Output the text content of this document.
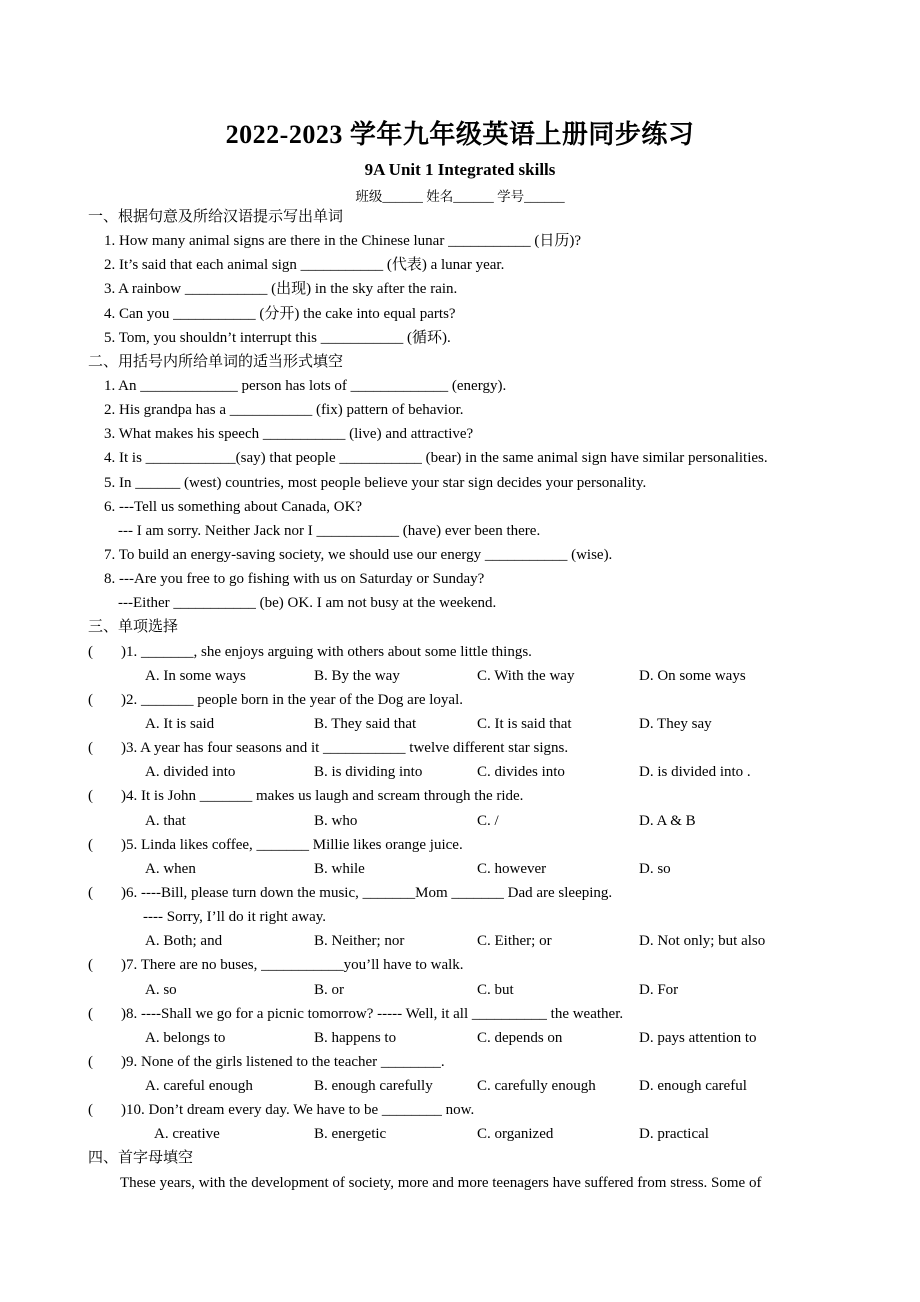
2022-2023 学年九年级英语上册同步练习
9A Unit 1 Integrated skills
班级______ 姓名______ 学号______
一、根据句意及所给汉语提示写出单词
1. How many animal signs are there in the Chinese lunar ___________ (日历)?
2. It’s said that each animal sign ___________ (代表) a lunar year.
3. A rainbow ___________ (出现) in the sky after the rain.
4. Can you ___________ (分开) the cake into equal parts?
5. Tom, you shouldn’t interrupt this ___________ (循环).
二、用括号内所给单词的适当形式填空
1. An _____________ person has lots of _____________ (energy).
2. His grandpa has a ___________ (fix) pattern of behavior.
3. What makes his speech ___________ (live) and attractive?
4. It is ____________(say) that people ___________ (bear) in the same animal sign have similar personalities.
5. In ______ (west) countries, most people believe your star sign decides your personality.
6. ---Tell us something about Canada, OK?
--- I am sorry. Neither Jack nor I ___________ (have) ever been there.
7. To build an energy-saving society, we should use our energy ___________ (wise).
8. ---Are you free to go fishing with us on Saturday or Sunday?
---Either ___________ (be) OK. I am not busy at the weekend.
三、单项选择
(	)1. _______, she enjoys arguing with others about some little things.
A. In some ways	B. By the way	C. With the way	D. On some ways
(	)2. _______ people born in the year of the Dog are loyal.
A. It is said	B. They said that	C. It is said that	D. They say
(	)3. A year has four seasons and it ___________ twelve different star signs.
A. divided into	B. is dividing into	C. divides into	D. is divided into .
(	)4. It is John _______ makes us laugh and scream through the ride.
A. that	B. who	C. /	D. A & B
(	)5. Linda likes coffee, _______ Millie likes orange juice.
A. when	B. while	C. however	D. so
(	)6. ----Bill, please turn down the music, _______Mom _______ Dad are sleeping.
---- Sorry, I’ll do it right away.
A. Both; and	B. Neither; nor	C. Either; or	D. Not only; but also
(	)7. There are no buses, ___________you’ll have to walk.
A. so	B. or	C. but	D. For
(	)8. ----Shall we go for a picnic tomorrow? ----- Well, it all __________ the weather.
A. belongs to	B. happens to	C. depends on	D. pays attention to
(	)9. None of the girls listened to the teacher ________.
A. careful enough	B. enough carefully	C. carefully enough	D. enough careful
(	)10. Don’t dream every day. We have to be ________ now.
A. creative	B. energetic	C. organized	D. practical
四、首字母填空
These years, with the development of society, more and more teenagers have suffered from stress. Some of
